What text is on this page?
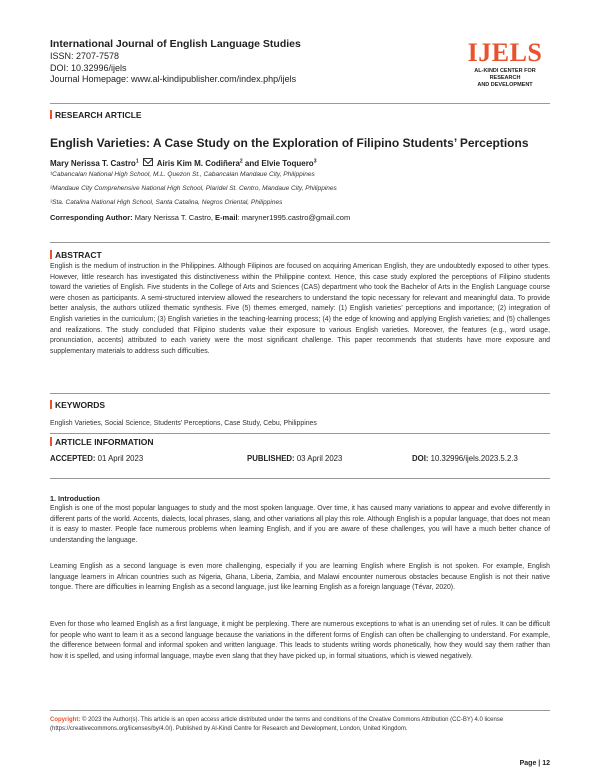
International Journal of English Language Studies
ISSN: 2707-7578
DOI: 10.32996/ijels
Journal Homepage: www.al-kindipublisher.com/index.php/ijels
IJELS
AL-KINDI CENTER FOR RESEARCH
AND DEVELOPMENT
RESEARCH ARTICLE
English Varieties: A Case Study on the Exploration of Filipino Students’ Perceptions
Mary Nerissa T. Castro$^1$ Airis Kim M. Codiñera$^2$ and Elvie Toquero$^3$
¹Cabancalan National High School, M.L. Quezon St., Cabancalan Mandaue City, Philippines
²Mandaue City Comprehensive National High School, Plaridel St. Centro, Mandaue City, Philippines
³Sta. Catalina National High School, Santa Catalina, Negros Oriental, Philippines
Corresponding Author: Mary Nerissa T. Castro, E-mail: maryner1995.castro@gmail.com
ABSTRACT
English is the medium of instruction in the Philippines. Although Filipinos are focused on acquiring American English, they are undoubtedly exposed to other types. However, little research has investigated this distinctiveness within the Philippine context. Hence, this case study explored the perceptions of Filipino students toward the varieties of English. Five students in the College of Arts and Sciences (CAS) department who took the Bachelor of Arts in the English Language course were chosen as participants. A semi-structured interview allowed the researchers to understand the topic necessary for relevant and meaningful data. To provide better analysis, the authors utilized thematic synthesis. Five (5) themes emerged, namely: (1) English varieties’ perceptions and importance; (2) integration of English varieties in the curriculum; (3) English varieties in the teaching-learning process; (4) the edge of knowing and applying English varieties; and (5) challenges and realizations. The study concluded that Filipino students value their exposure to various English varieties. Moreover, the features (e.g., word usage, pronunciation, accents) attributed to each variety were the most significant challenge. This paper recommends that students have more exposure and supplementary materials to address such difficulties.
KEYWORDS
English Varieties, Social Science, Students’ Perceptions, Case Study, Cebu, Philippines
ARTICLE INFORMATION
ACCEPTED: 01 April 2023	PUBLISHED: 03 April 2023	DOI: 10.32996/ijels.2023.5.2.3
1. Introduction
English is one of the most popular languages to study and the most spoken language. Over time, it has caused many variations to appear and evolve differently in different parts of the world. Accents, dialects, local phrases, slang, and other variations all play this role. Although English is a popular language, that does not mean it is easy to master. People face numerous problems when learning English, and if you are aware of these challenges, you will have a much better chance of understanding the language.
Learning English as a second language is even more challenging, especially if you are learning English where English is not spoken. For example, English language learners in African countries such as Nigeria, Ghana, Liberia, Zambia, and Malawi encounter numerous obstacles because English is not their native tongue. There are difficulties in learning English as a second language, just like learning English as a foreign language (Tévar, 2020).
Even for those who learned English as a first language, it might be perplexing. There are numerous exceptions to what is an unending set of rules. It can be difficult for people who want to learn it as a second language because the variations in the different forms of English can often be challenging to understand. For example, the difference between formal and informal spoken and written language. This leads to students writing words phonetically, how they would say them rather than how it is spelled, and using informal language, maybe even slang that they have picked up, in formal situations, which is viewed negatively.
Copyright: © 2023 the Author(s). This article is an open access article distributed under the terms and conditions of the Creative Commons Attribution (CC-BY) 4.0 license (https://creativecommons.org/licenses/by/4.0/). Published by Al-Kindi Centre for Research and Development, London, United Kingdom.
Page | 12
